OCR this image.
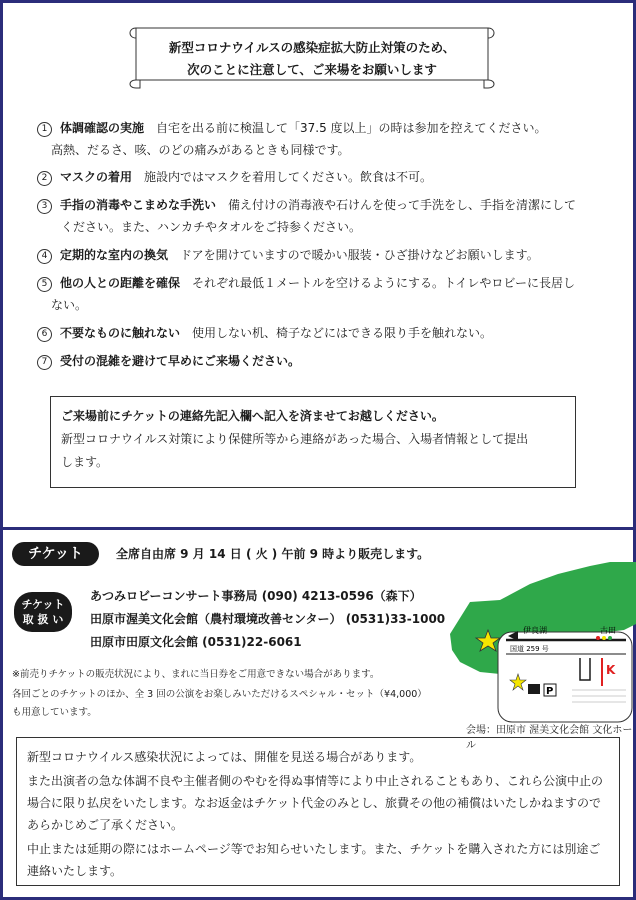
新型コロナウイルスの感染症拡大防止対策のため、
次のことに注意して、ご来場をお願いします
1 体調確認の実施 自宅を出る前に検温して「37.5 度以上」の時は参加を控えてください。
高熱、だるさ、咳、のどの痛みがあるときも同様です。
2 マスクの着用 施設内ではマスクを着用してください。飲食は不可。
3 手指の消毒やこまめな手洗い 備え付けの消毒液や石けんを使って手洗をし、手指を清潔にして
ください。また、ハンカチやタオルをご持参ください。
4 定期的な室内の換気 ドアを開けていますので暖かい服装・ひざ掛けなどお願いします。
5 他の人との距離を確保 それぞれ最低１メートルを空けるようにする。トイレやロビーに長居し
ない。
6 不要なものに触れない 使用しない机、椅子などにはできる限り手を触れない。
7 受付の混雑を避けて早めにご来場ください。
ご来場前にチケットの連絡先記入欄へ記入を済ませてお越しください。
新型コロナウイルス対策により保健所等から連絡があった場合、入場者情報として提出
します。
チケット	全席自由席 9 月 14 日 ( 火 ) 午前 9 時より販売します。
チケット
取 扱 い
あつみロビーコンサート事務局 (090) 4213-0596（森下）
田原市渥美文化会館（農村環境改善センター） (0531)33-1000
田原市田原文化会館 (0531)22-6061
※前売りチケットの販売状況により、まれに当日券をご用意できない場合があります。
各回ごとのチケットのほか、全 3 回の公演をお楽しみいただけるスペシャル・セット（¥4,000）
も用意しています。
伊良湖	古田
国道 259 号
K
P
会場：田原市 渥美文化会館 文化ホール
新型コロナウイルス感染状況によっては、開催を見送る場合があります。
また出演者の急な体調不良や主催者側のやむを得ぬ事情等により中止されることもあり、これら公演中止の
場合に限り払戻をいたします。なお返金はチケット代金のみとし、旅費その他の補償はいたしかねますので
あらかじめご了承ください。
中止または延期の際にはホームページ等でお知らせいたします。また、チケットを購入された方には別途ご
連絡いたします。
